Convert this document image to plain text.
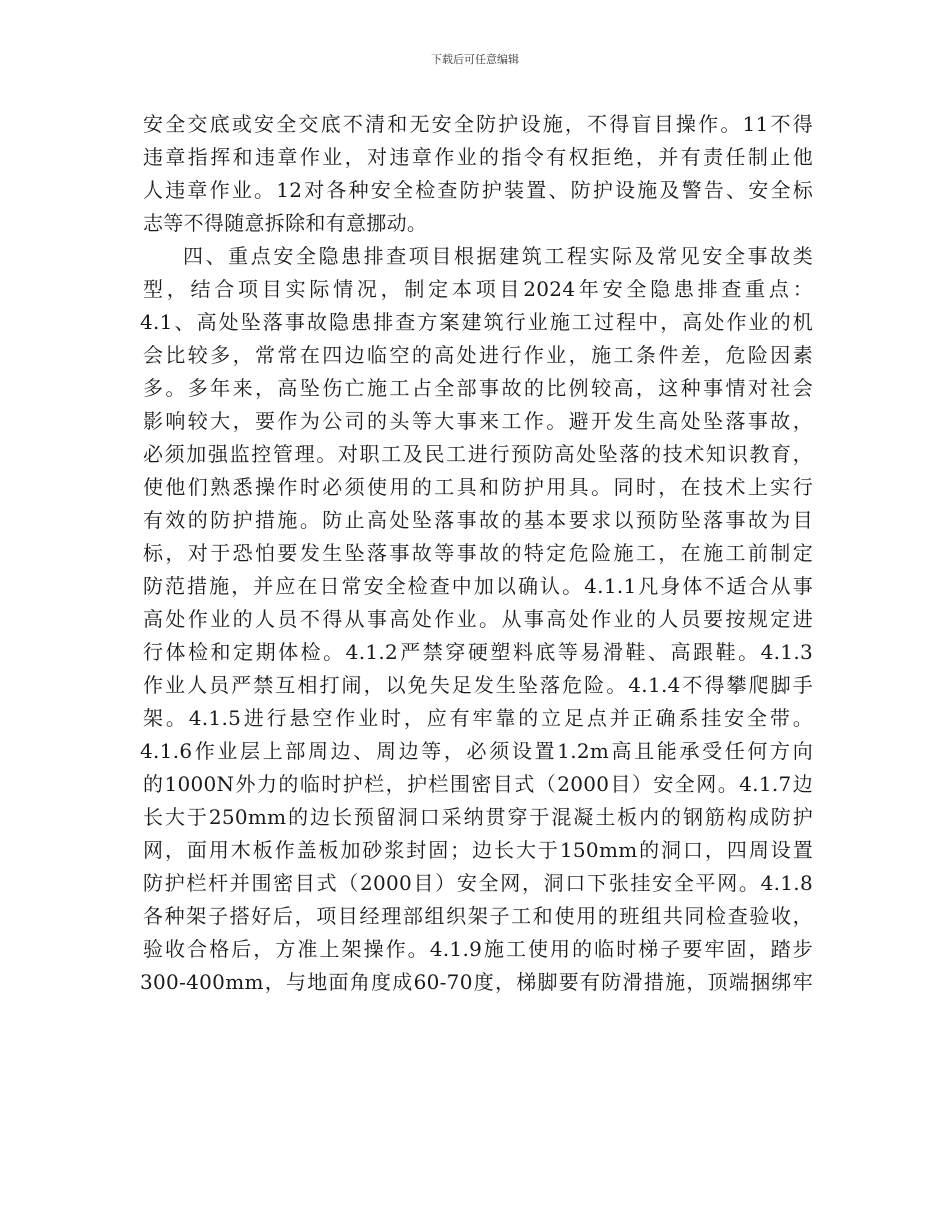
下载后可任意编辑
安全交底或安全交底不清和无安全防护设施，不得盲目操作。11不得
违章指挥和违章作业，对违章作业的指令有权拒绝，并有责任制止他
人违章作业。12对各种安全检查防护装置、防护设施及警告、安全标
志等不得随意拆除和有意挪动。
四、重点安全隐患排查项目根据建筑工程实际及常见安全事故类
型，结合项目实际情况，制定本项目2024年安全隐患排查重点：
4.1、高处坠落事故隐患排查方案建筑行业施工过程中，高处作业的机
会比较多，常常在四边临空的高处进行作业，施工条件差，危险因素
多。多年来，高坠伤亡施工占全部事故的比例较高，这种事情对社会
影响较大，要作为公司的头等大事来工作。避开发生高处坠落事故，
必须加强监控管理。对职工及民工进行预防高处坠落的技术知识教育，
使他们熟悉操作时必须使用的工具和防护用具。同时，在技术上实行
有效的防护措施。防止高处坠落事故的基本要求以预防坠落事故为目
标，对于恐怕要发生坠落事故等事故的特定危险施工，在施工前制定
防范措施，并应在日常安全检查中加以确认。4.1.1凡身体不适合从事
高处作业的人员不得从事高处作业。从事高处作业的人员要按规定进
行体检和定期体检。4.1.2严禁穿硬塑料底等易滑鞋、高跟鞋。4.1.3
作业人员严禁互相打闹，以免失足发生坠落危险。4.1.4不得攀爬脚手
架。4.1.5进行悬空作业时，应有牢靠的立足点并正确系挂安全带。
4.1.6作业层上部周边、周边等，必须设置1.2m高且能承受任何方向
的1000N外力的临时护栏，护栏围密目式（2000目）安全网。4.1.7边
长大于250mm的边长预留洞口采纳贯穿于混凝土板内的钢筋构成防护
网，面用木板作盖板加砂浆封固；边长大于150mm的洞口，四周设置
防护栏杆并围密目式（2000目）安全网，洞口下张挂安全平网。4.1.8
各种架子搭好后，项目经理部组织架子工和使用的班组共同检查验收，
验收合格后，方准上架操作。4.1.9施工使用的临时梯子要牢固，踏步
300-400mm，与地面角度成60-70度，梯脚要有防滑措施，顶端捆绑牢
